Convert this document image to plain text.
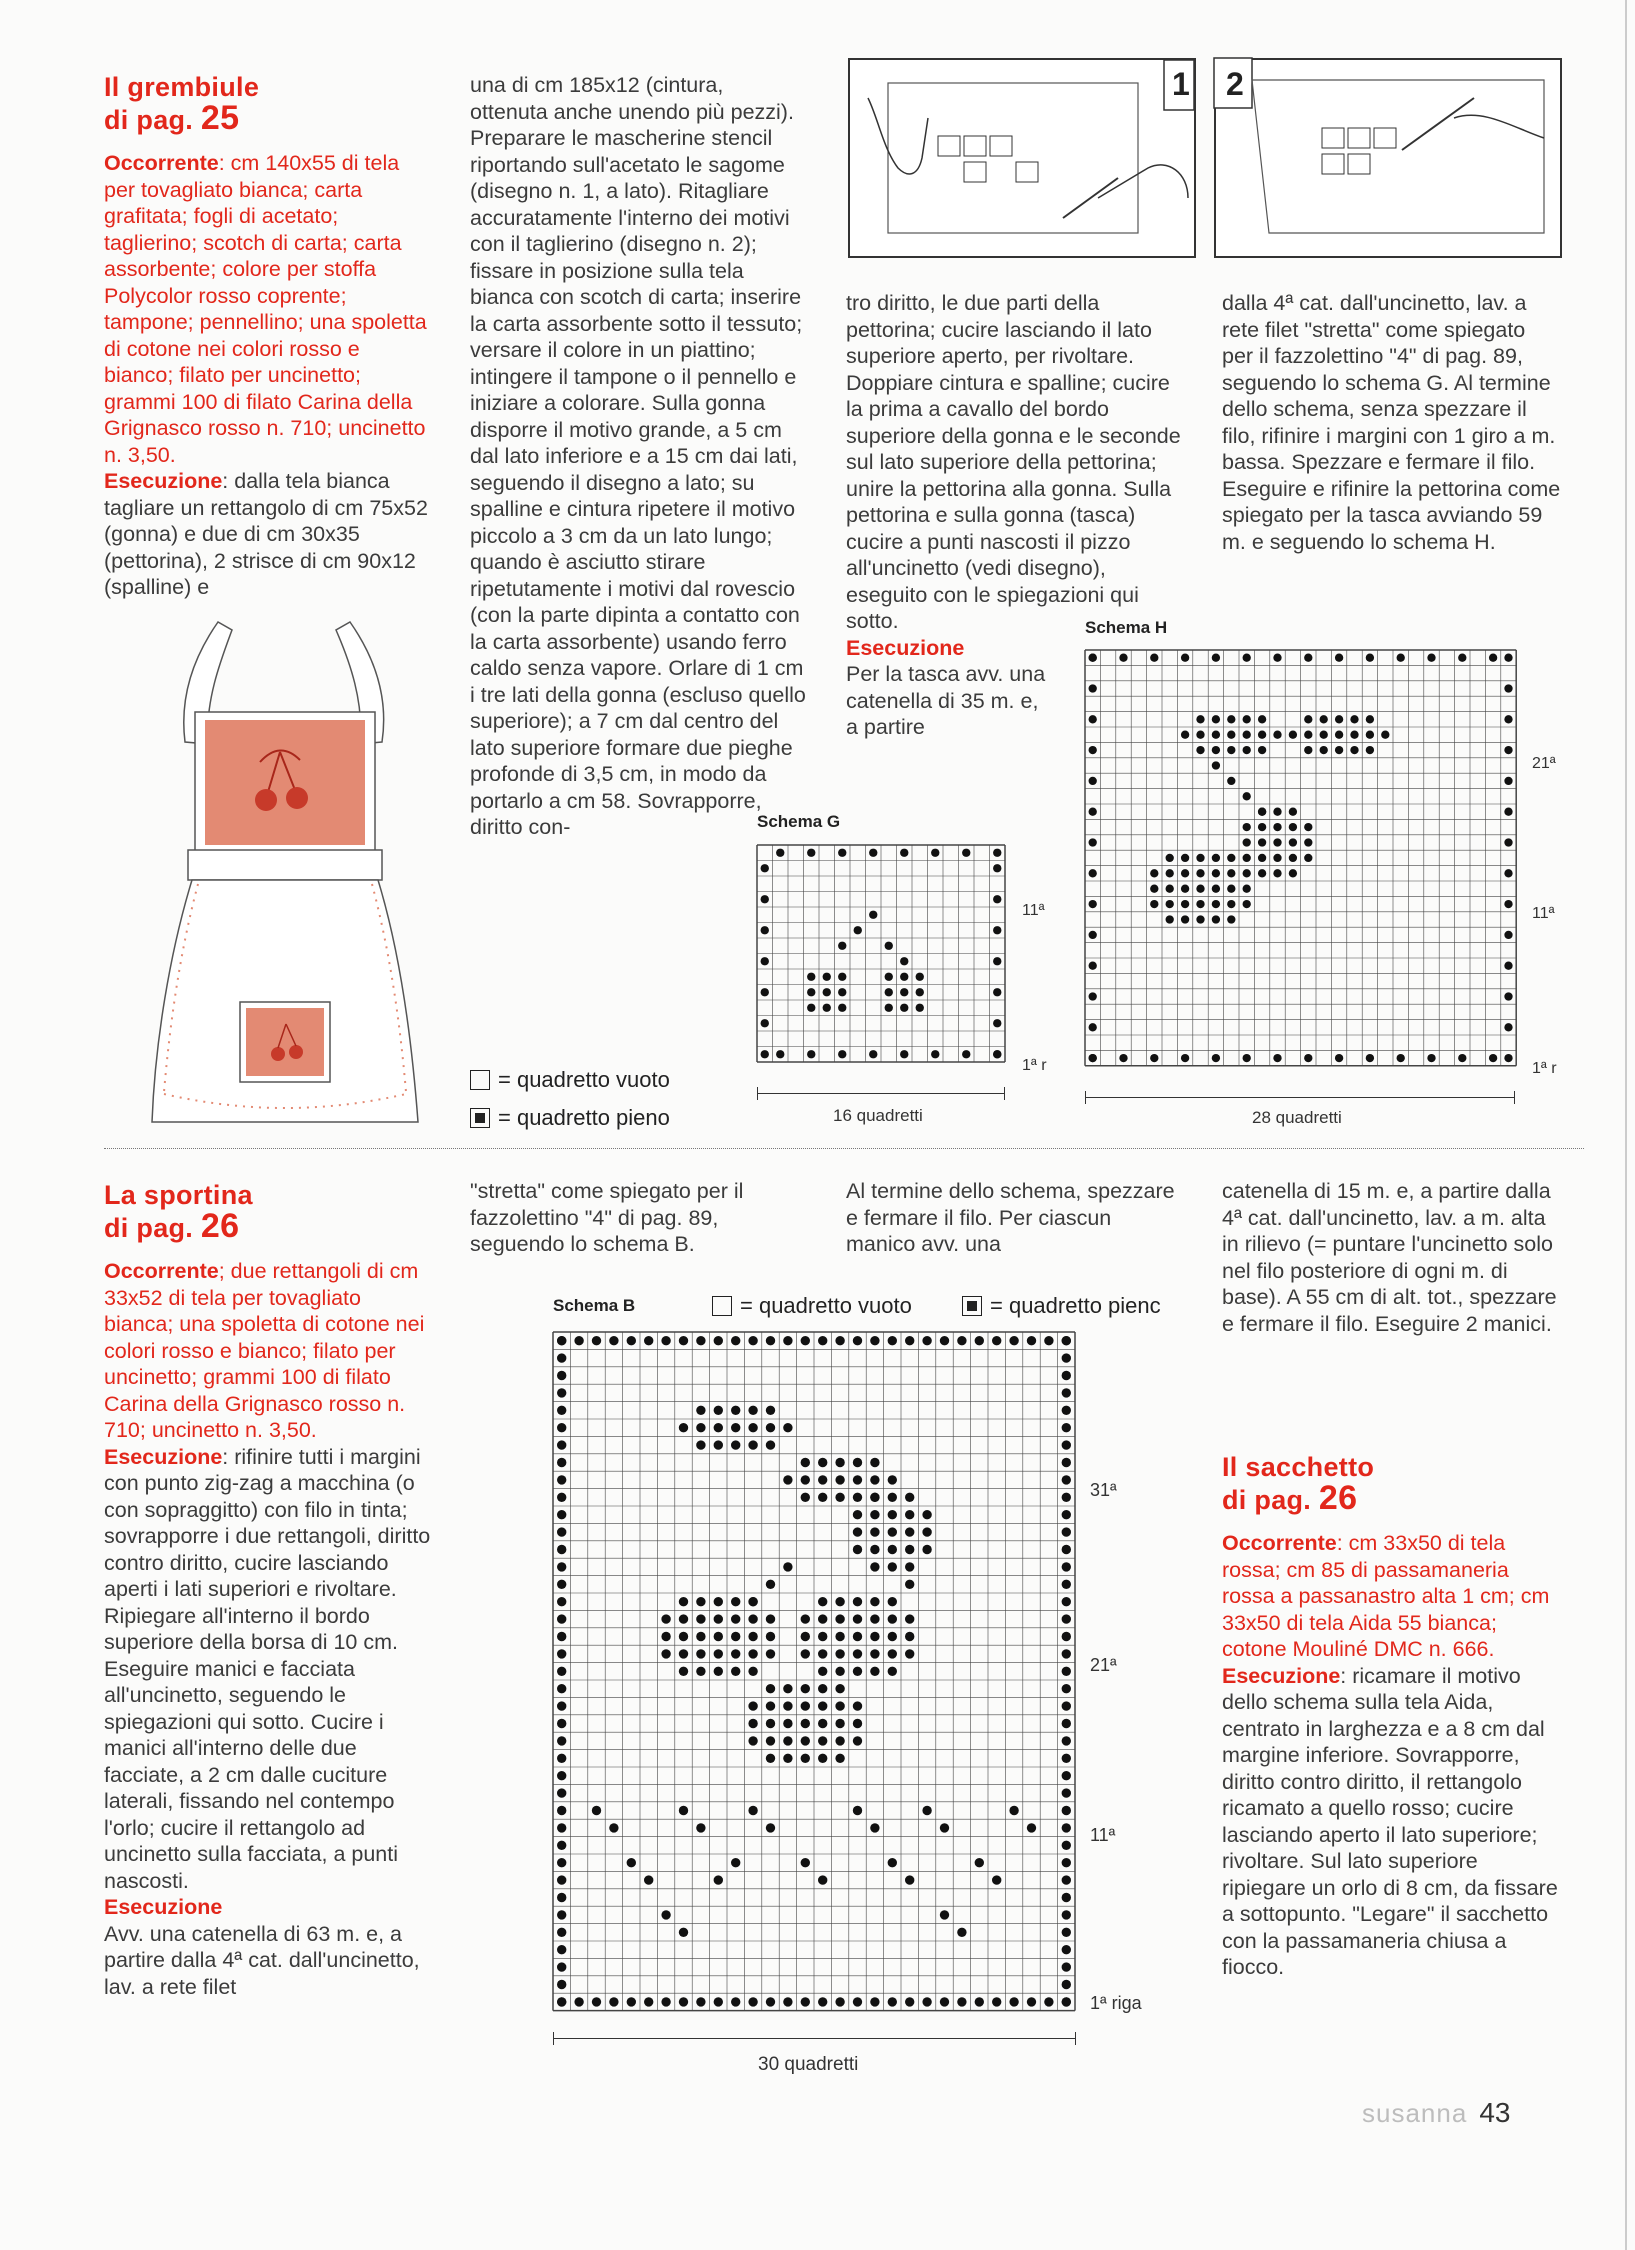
Il grembiule
di pag. 25

Occorrente: cm 140x55 di tela per tovagliato bianca; carta grafitata; fogli di acetato; taglierino; scotch di carta; carta assorbente; colore per stoffa Polycolor rosso coprente; tampone; pennellino; una spoletta di cotone nei colori rosso e bianco; filato per uncinetto; grammi 100 di filato Carina della Grignasco rosso n. 710; uncinetto n. 3,50.

Esecuzione: dalla tela bianca tagliare un rettangolo di cm 75x52 (gonna) e due di cm 30x35 (pettorina), 2 strisce di cm 90x12 (spalline) e

una di cm 185x12 (cintura, ottenuta anche unendo più pezzi). Preparare le mascherine stencil riportando sull'acetato le sagome (disegno n. 1, a lato). Ritagliare accuratamente l'interno dei motivi con il taglierino (disegno n. 2); fissare in posizione sulla tela bianca con scotch di carta; inserire la carta assorbente sotto il tessuto; versare il colore in un piattino; intingere il tampone o il pennello e iniziare a colorare. Sulla gonna disporre il motivo grande, a 5 cm dal lato inferiore e a 15 cm dai lati, seguendo il disegno a lato; su spalline e cintura ripetere il motivo piccolo a 3 cm da un lato lungo; quando è asciutto stirare ripetutamente i motivi dal rovescio (con la parte dipinta a contatto con la carta assorbente) usando ferro caldo senza vapore. Orlare di 1 cm i tre lati della gonna (escluso quello superiore); a 7 cm dal centro del lato superiore formare due pieghe profonde di 3,5 cm, in modo da portarlo a cm 58. Sovrapporre, diritto con-

1 2

tro diritto, le due parti della pettorina; cucire lasciando il lato superiore aperto, per rivoltare. Doppiare cintura e spalline; cucire la prima a cavallo del bordo superiore della gonna e le seconde sul lato superiore della pettorina; unire la pettorina alla gonna. Sulla pettorina e sulla gonna (tasca) cucire a punti nascosti il pizzo all'uncinetto (vedi disegno), eseguito con le spiegazioni qui sotto.

Esecuzione

Per la tasca avv. una catenella di 35 m. e, a partire

dalla 4ª cat. dall'uncinetto, lav. a rete filet "stretta" come spiegato per il fazzolettino "4" di pag. 89, seguendo lo schema G. Al termine dello schema, senza spezzare il filo, rifinire i margini con 1 giro a m. bassa. Spezzare e fermare il filo. Eseguire e rifinire la pettorina come spiegato per la tasca avviando 59 m. e seguendo lo schema H.

= quadretto vuoto
= quadretto pieno
Schema G
11ª
1ª r
16 quadretti
Schema H
21ª
11ª
1ª r
28 quadretti
La sportina
di pag. 26

Occorrente; due rettangoli di cm 33x52 di tela per tovagliato bianca; una spoletta di cotone nei colori rosso e bianco; filato per uncinetto; grammi 100 di filato Carina della Grignasco rosso n. 710; uncinetto n. 3,50.

Esecuzione: rifinire tutti i margini con punto zig-zag a macchina (o con sopraggitto) con filo in tinta; sovrapporre i due rettangoli, diritto contro diritto, cucire lasciando aperti i lati superiori e rivoltare. Ripiegare all'interno il bordo superiore della borsa di 10 cm. Eseguire manici e facciata all'uncinetto, seguendo le spiegazioni qui sotto. Cucire i manici all'interno delle due facciate, a 2 cm dalle cuciture laterali, fissando nel contempo l'orlo; cucire il rettangolo ad uncinetto sulla facciata, a punti nascosti.

Esecuzione

Avv. una catenella di 63 m. e, a partire dalla 4ª cat. dall'uncinetto, lav. a rete filet

"stretta" come spiegato per il fazzolettino "4" di pag. 89, seguendo lo schema B.

Al termine dello schema, spezzare e fermare il filo. Per ciascun manico avv. una

catenella di 15 m. e, a partire dalla 4ª cat. dall'uncinetto, lav. a m. alta in rilievo (= puntare l'uncinetto solo nel filo posteriore di ogni m. di base). A 55 cm di alt. tot., spezzare e fermare il filo. Eseguire 2 manici.

Schema B	= quadretto vuoto	= quadretto pienc
31ª
21ª
11ª
1ª riga
30 quadretti
Il sacchetto
di pag. 26

Occorrente: cm 33x50 di tela rossa; cm 85 di passamaneria rossa a passanastro alta 1 cm; cm 33x50 di tela Aida 55 bianca; cotone Mouliné DMC n. 666.

Esecuzione: ricamare il motivo dello schema sulla tela Aida, centrato in larghezza e a 8 cm dal margine inferiore. Sovrapporre, diritto contro diritto, il rettangolo ricamato a quello rosso; cucire lasciando aperto il lato superiore; rivoltare. Sul lato superiore ripiegare un orlo di 8 cm, da fissare a sottopunto. "Legare" il sacchetto con la passamaneria chiusa a fiocco.

susanna 43
